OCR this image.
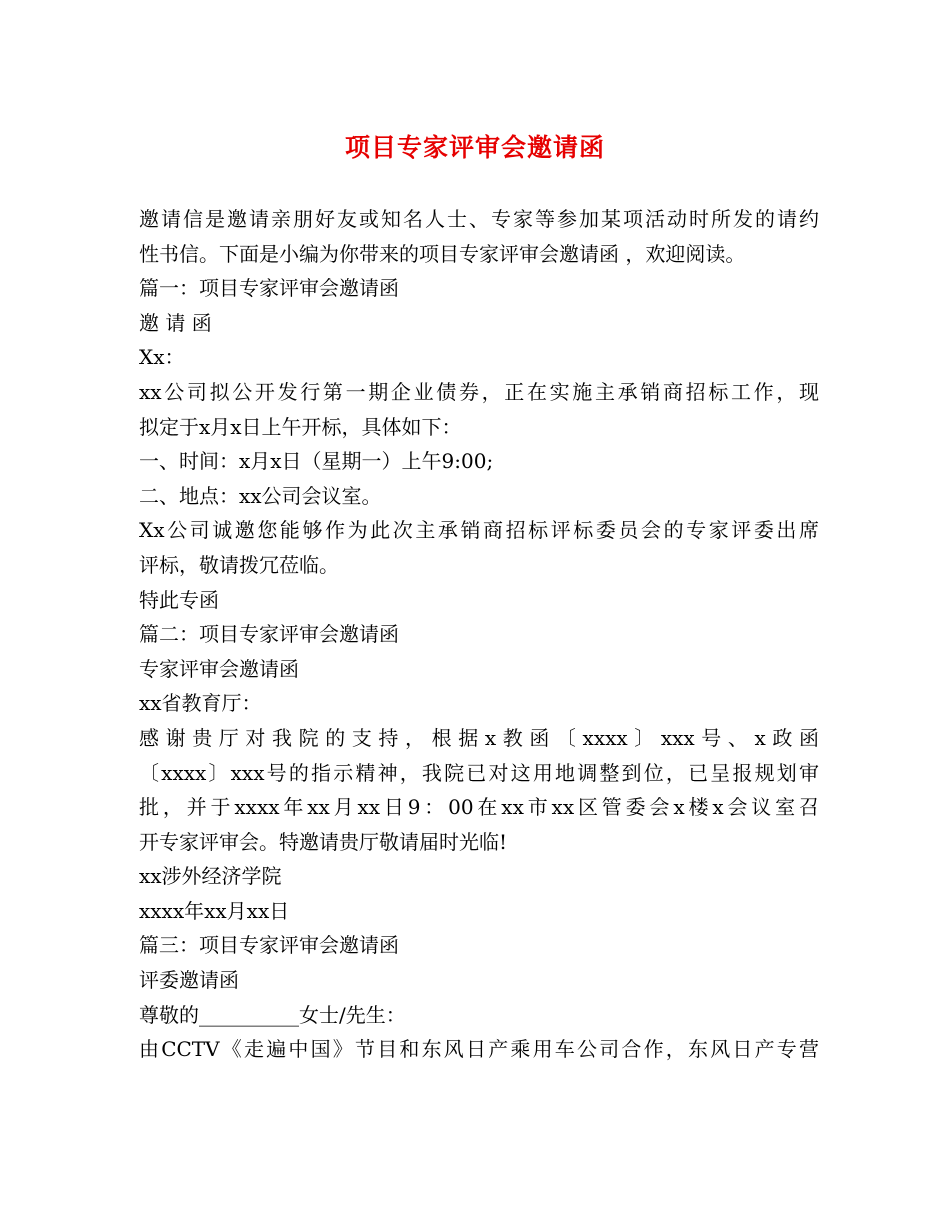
项目专家评审会邀请函
邀请信是邀请亲朋好友或知名人士、专家等参加某项活动时所发的请约
性书信。下面是小编为你带来的项目专家评审会邀请函 ，欢迎阅读。
篇一：项目专家评审会邀请函
邀 请 函
Xx：
xx公司拟公开发行第一期企业债券，正在实施主承销商招标工作，现
拟定于x月x日上午开标，具体如下：
一、时间：x月x日（星期一）上午9:00;
二、地点：xx公司会议室。
Xx公司诚邀您能够作为此次主承销商招标评标委员会的专家评委出席
评标，敬请拨冗莅临。
特此专函
篇二：项目专家评审会邀请函
专家评审会邀请函
xx省教育厅：
感谢贵厅对我院的支持，根据x教函〔xxxx〕xxx号、x政函
〔xxxx〕xxx号的指示精神，我院已对这用地调整到位，已呈报规划审
批，并于xxxx年xx月xx日9：00在xx市xx区管委会x楼x会议室召
开专家评审会。特邀请贵厅敬请届时光临!
xx涉外经济学院
xxxx年xx月xx日
篇三：项目专家评审会邀请函
评委邀请函
尊敬的__________女士/先生：
由CCTV《走遍中国》节目和东风日产乘用车公司合作，东风日产专营
